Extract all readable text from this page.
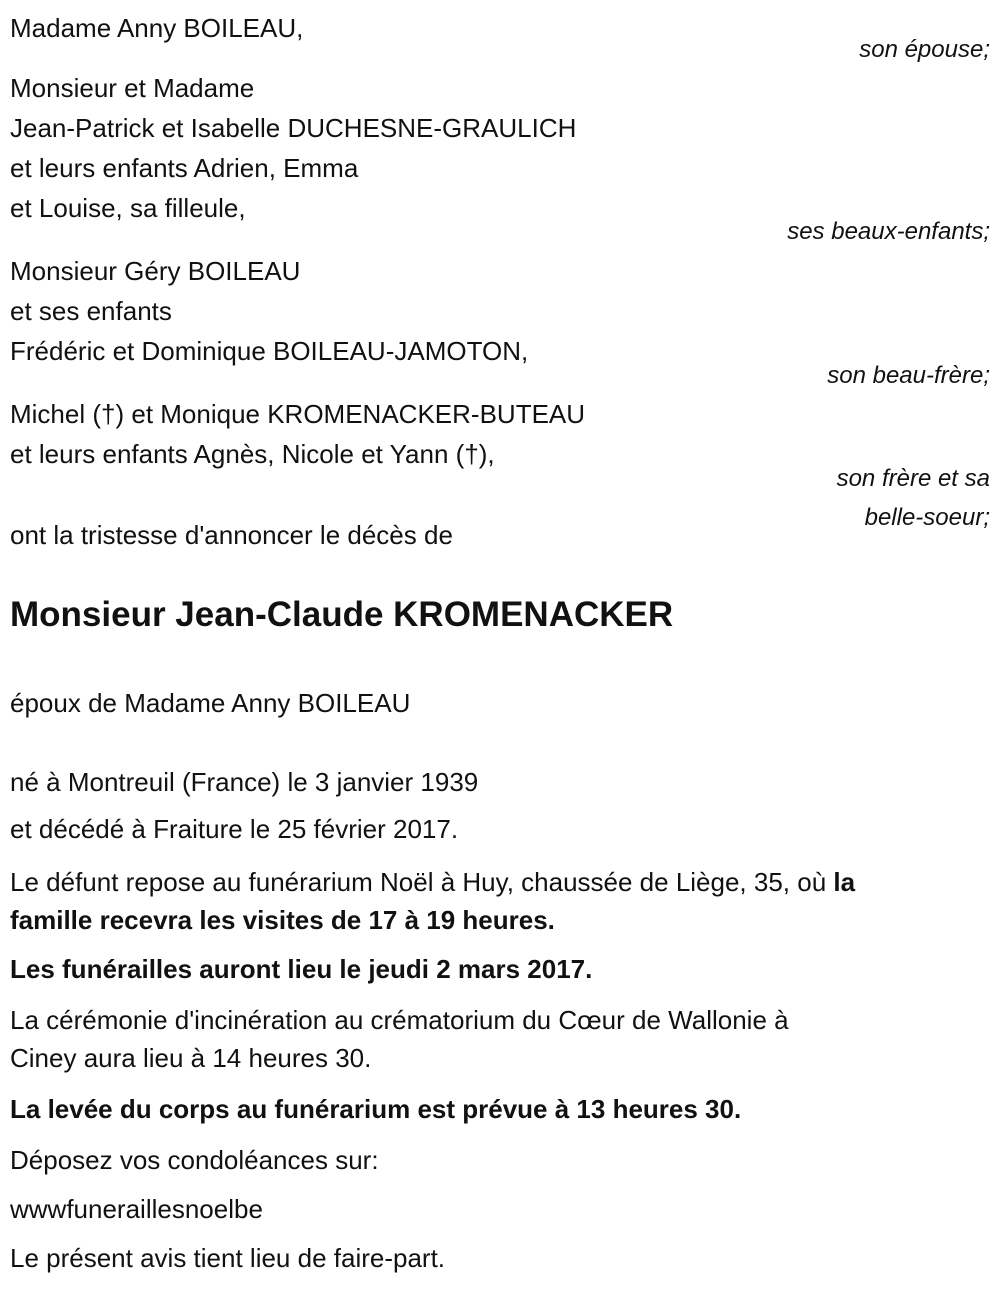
Madame Anny BOILEAU,
son épouse;
Monsieur et Madame
Jean-Patrick et Isabelle DUCHESNE-GRAULICH
et leurs enfants Adrien, Emma
et Louise, sa filleule,
ses beaux-enfants;
Monsieur Géry BOILEAU
et ses enfants
Frédéric et Dominique BOILEAU-JAMOTON,
son beau-frère;
Michel (†) et Monique KROMENACKER-BUTEAU
et leurs enfants Agnès, Nicole et Yann (†),
son frère et sa
belle-soeur;
ont la tristesse d'annoncer le décès de
Monsieur Jean-Claude KROMENACKER
époux de Madame Anny BOILEAU
né à Montreuil (France) le 3 janvier 1939
et décédé à Fraiture le 25 février 2017.
Le défunt repose au funérarium Noël à Huy, chaussée de Liège, 35, où la
famille recevra les visites de 17 à 19 heures.
Les funérailles auront lieu le jeudi 2 mars 2017.
La cérémonie d'incinération au crématorium du Cœur de Wallonie à
Ciney aura lieu à 14 heures 30.
La levée du corps au funérarium est prévue à 13 heures 30.
Déposez vos condoléances sur:
wwwfuneraillesnoelbe
Le présent avis tient lieu de faire-part.
